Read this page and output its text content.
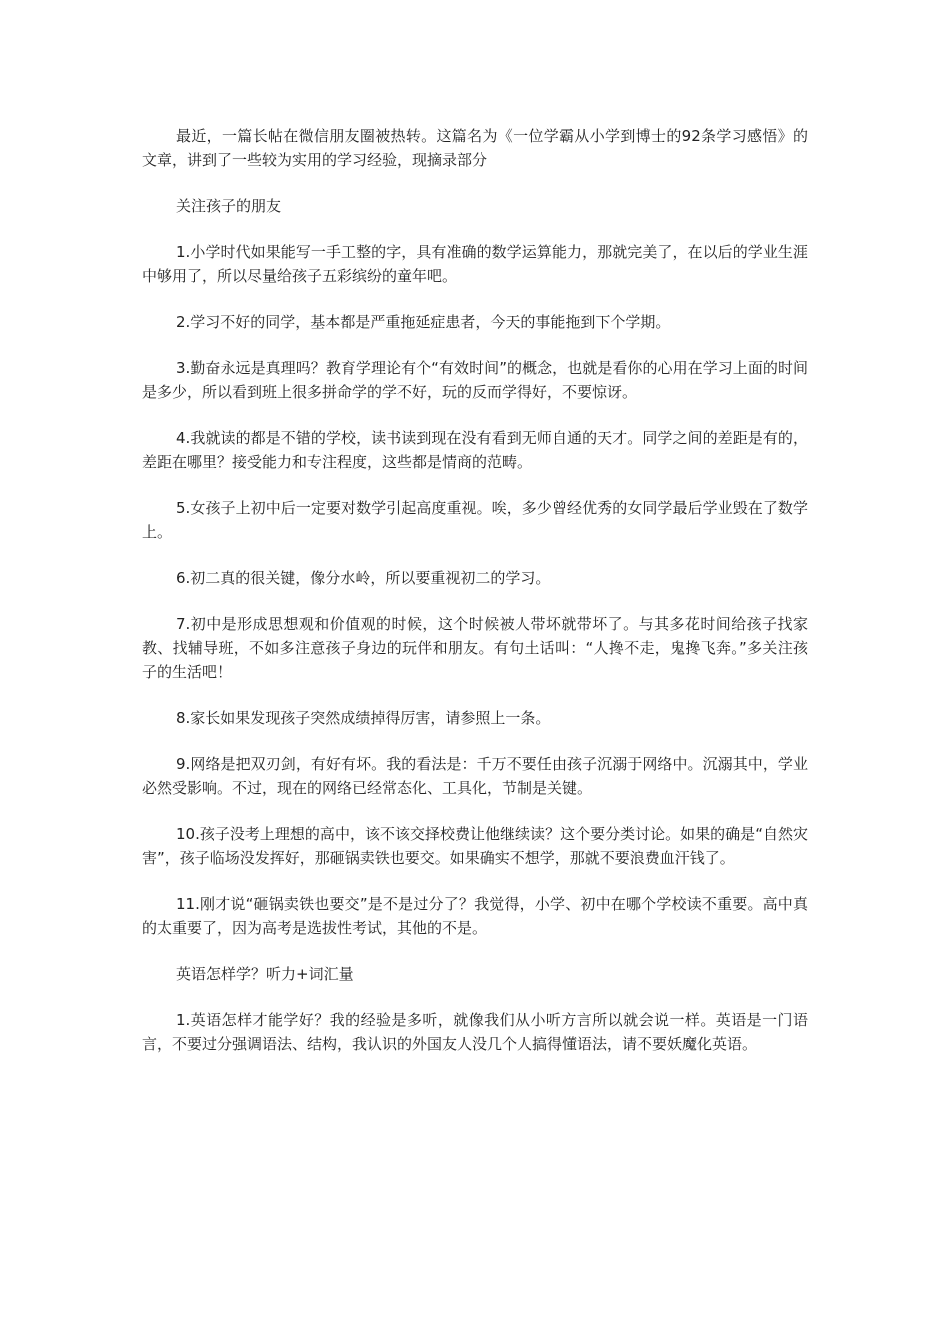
最近，一篇长帖在微信朋友圈被热转。这篇名为《一位学霸从小学到博士的92条学习感悟》的文章，讲到了一些较为实用的学习经验，现摘录部分

关注孩子的朋友

1.小学时代如果能写一手工整的字，具有准确的数学运算能力，那就完美了，在以后的学业生涯中够用了，所以尽量给孩子五彩缤纷的童年吧。

2.学习不好的同学，基本都是严重拖延症患者，今天的事能拖到下个学期。

3.勤奋永远是真理吗？教育学理论有个“有效时间”的概念，也就是看你的心用在学习上面的时间是多少，所以看到班上很多拼命学的学不好，玩的反而学得好，不要惊讶。

4.我就读的都是不错的学校，读书读到现在没有看到无师自通的天才。同学之间的差距是有的，差距在哪里？接受能力和专注程度，这些都是情商的范畴。

5.女孩子上初中后一定要对数学引起高度重视。唉，多少曾经优秀的女同学最后学业毁在了数学上。

6.初二真的很关键，像分水岭，所以要重视初二的学习。

7.初中是形成思想观和价值观的时候，这个时候被人带坏就带坏了。与其多花时间给孩子找家教、找辅导班，不如多注意孩子身边的玩伴和朋友。有句土话叫：“人搀不走，鬼搀飞奔。”多关注孩子的生活吧！

8.家长如果发现孩子突然成绩掉得厉害，请参照上一条。

9.网络是把双刃剑，有好有坏。我的看法是：千万不要任由孩子沉溺于网络中。沉溺其中，学业必然受影响。不过，现在的网络已经常态化、工具化，节制是关键。

10.孩子没考上理想的高中，该不该交择校费让他继续读？这个要分类讨论。如果的确是“自然灾害”，孩子临场没发挥好，那砸锅卖铁也要交。如果确实不想学，那就不要浪费血汗钱了。

11.刚才说“砸锅卖铁也要交”是不是过分了？我觉得，小学、初中在哪个学校读不重要。高中真的太重要了，因为高考是选拔性考试，其他的不是。

英语怎样学？听力+词汇量

1.英语怎样才能学好？我的经验是多听，就像我们从小听方言所以就会说一样。英语是一门语言，不要过分强调语法、结构，我认识的外国友人没几个人搞得懂语法，请不要妖魔化英语。
